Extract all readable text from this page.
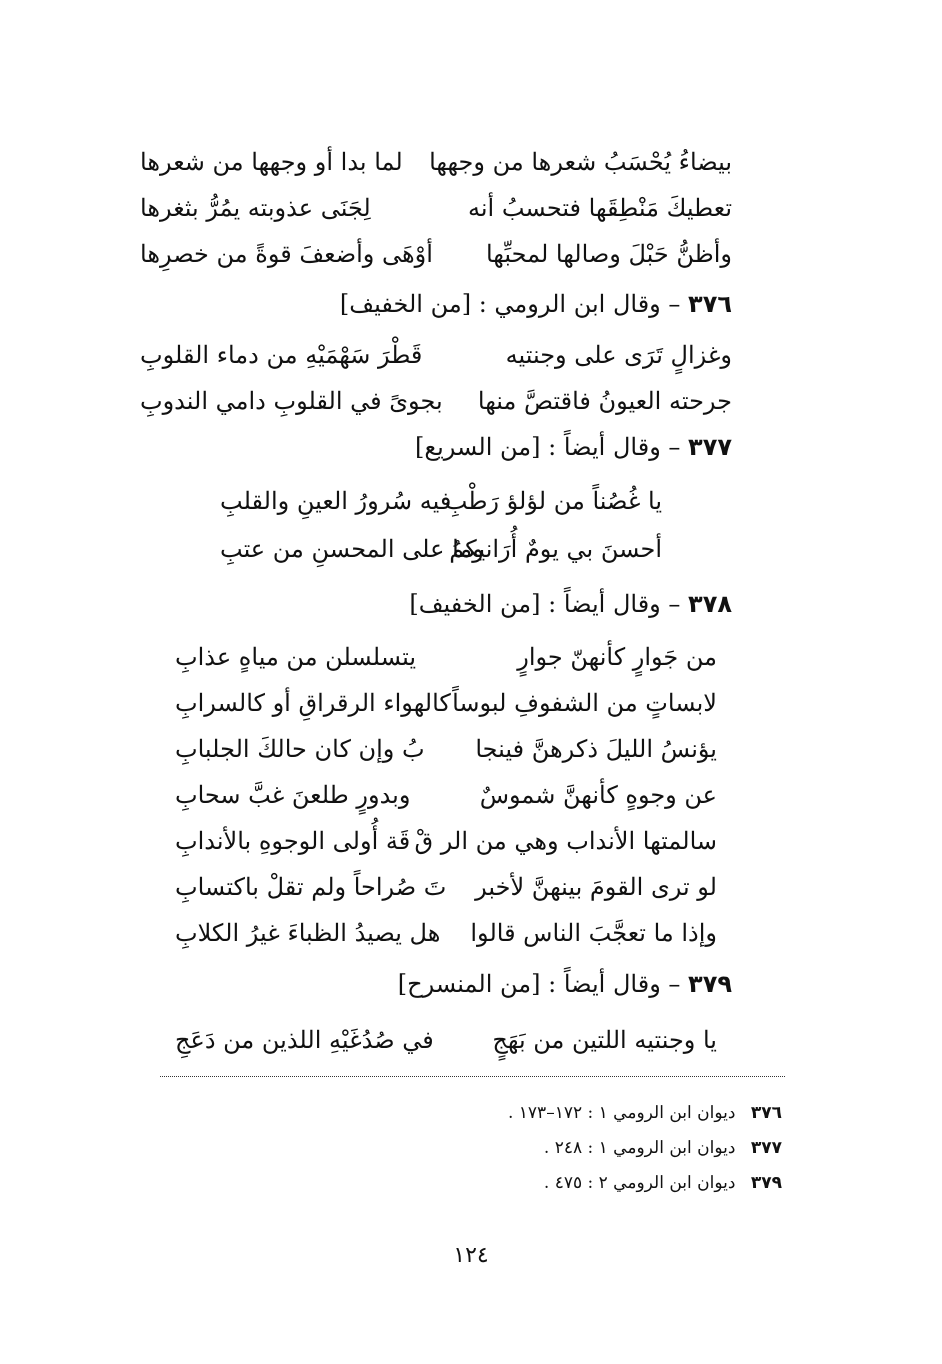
بيضاءُ يُحْسَبُ شعرها من وجهها
لما بدا أو وجهها من شعرها
تعطيكَ مَنْطِقَها فتحسبُ أنه
لِجَنَى عذوبته يمُرُّ بثغرها
وأظنُّ حَبْلَ وصالها لمحبِّها
أوْهَى وأضعفَ قوةً من خصرِها
٣٧٦ – وقال ابن الرومي : [من الخفيف]
وغزالٍ تَرَى على وجنتيه
قَطْرَ سَهْمَيْهِ من دماء القلوبِ
جرحته العيونُ فاقتصَّ منها
بجوىً في القلوبِ دامي الندوبِ
٣٧٧ – وقال أيضاً : [من السريع]
يا غُصُناً من لؤلؤ رَطْبِ
فيه سُرورُ العينِ والقلبِ
أحسنَ بي يومٌ أُرَانيكمُ
وما على المحسنِ من عتبِ
٣٧٨ – وقال أيضاً : [من الخفيف]
من جَوارٍ كأنهنّ جوارٍ
يتسلسلن من مياهٍ عذابِ
لابساتٍ من الشفوفِ لبوساً
كالهواء الرقراقِ أو كالسرابِ
يؤنسُ الليلَ ذكرهنَّ فينجا
بُ وإن كان حالكَ الجلبابِ
عن وجوهٍ كأنهنَّ شموسٌ
وبدورٍ طلعنَ غبَّ سحابِ
سالمتها الأنداب وهي من الر قْ
قَة أُولى الوجوهِ بالأندابِ
لو ترى القومَ بينهنَّ لأخبر
تَ صُراحاً ولم تقلْ باكتسابِ
وإذا ما تعجَّبَ الناس قالوا
هل يصيدُ الظباءَ غيرُ الكلابِ
٣٧٩ – وقال أيضاً : [من المنسرح]
يا وجنتيه اللتين من بَهَجٍ
في صُدُغَيْهِ اللذين من دَعَجِ
٣٧٦ ديوان ابن الرومي ١ : ١٧٢–١٧٣ .
٣٧٧ ديوان ابن الرومي ١ : ٢٤٨ .
٣٧٩ ديوان ابن الرومي ٢ : ٤٧٥ .
١٢٤
